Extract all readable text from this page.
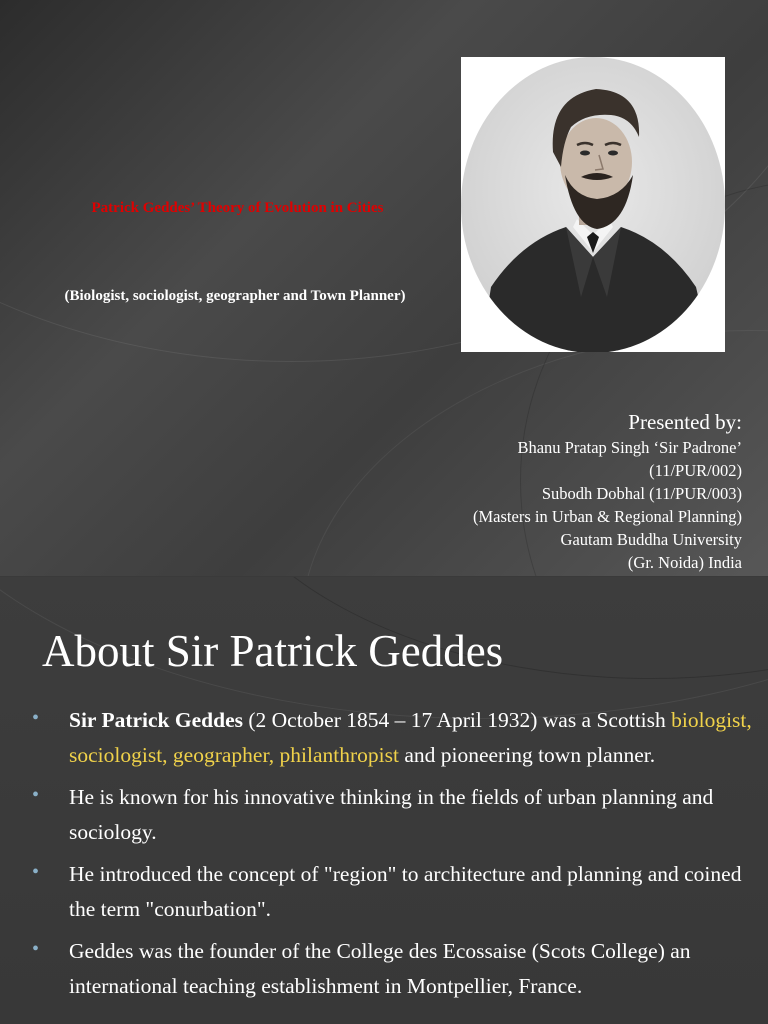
Patrick Geddes’ Theory of Evolution in Cities
(Biologist, sociologist, geographer and Town Planner)
Presented by:
Bhanu Pratap Singh ‘Sir Padrone’
(11/PUR/002)
Subodh Dobhal (11/PUR/003)
(Masters in Urban & Regional Planning)
Gautam Buddha University
(Gr. Noida) India
About Sir Patrick Geddes
• Sir Patrick Geddes (2 October 1854 – 17 April 1932) was a Scottish biologist, sociologist, geographer, philanthropist and pioneering town planner.
• He is known for his innovative thinking in the fields of urban planning and sociology.
• He introduced the concept of "region" to architecture and planning and coined the term "conurbation".
• Geddes was the founder of the College des Ecossaise (Scots College) an international teaching establishment in Montpellier, France.
